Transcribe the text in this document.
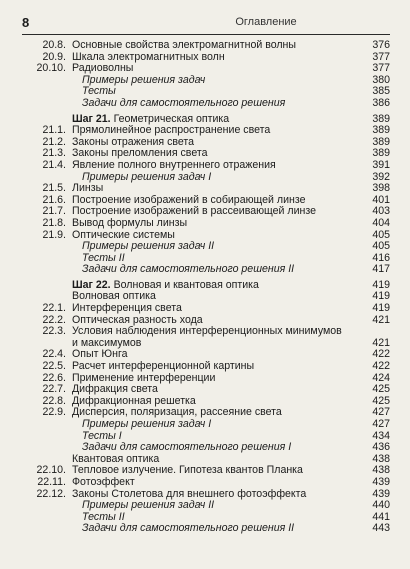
8	Оглавление
20.8. Основные свойства электромагнитной волны	376
20.9. Шкала электромагнитных волн	377
20.10. Радиоволны	377
Примеры решения задач	380
Тесты	385
Задачи для самостоятельного решения	386
Шаг 21. Геометрическая оптика	389
21.1. Прямолинейное распространение света	389
21.2. Законы отражения света	389
21.3. Законы преломления света	389
21.4. Явление полного внутреннего отражения	391
Примеры решения задач I	392
21.5. Линзы	398
21.6. Построение изображений в собирающей линзе	401
21.7. Построение изображений в рассеивающей линзе	403
21.8. Вывод формулы линзы	404
21.9. Оптические системы	405
Примеры решения задач II	405
Тесты II	416
Задачи для самостоятельного решения II	417
Шаг 22. Волновая и квантовая оптика	419
Волновая оптика	419
22.1. Интерференция света	419
22.2. Оптическая разность хода	421
22.3. Условия наблюдения интерференционных минимумов и максимумов	421
22.4. Опыт Юнга	422
22.5. Расчет интерференционной картины	422
22.6. Применение интерференции	424
22.7. Дифракция света	425
22.8. Дифракционная решетка	425
22.9. Дисперсия, поляризация, рассеяние света	427
Примеры решения задач I	427
Тесты I	434
Задачи для самостоятельного решения I	436
Квантовая оптика	438
22.10. Тепловое излучение. Гипотеза квантов Планка	438
22.11. Фотоэффект	439
22.12. Законы Столетова для внешнего фотоэффекта	439
Примеры решения задач II	440
Тесты II	441
Задачи для самостоятельного решения II	443
